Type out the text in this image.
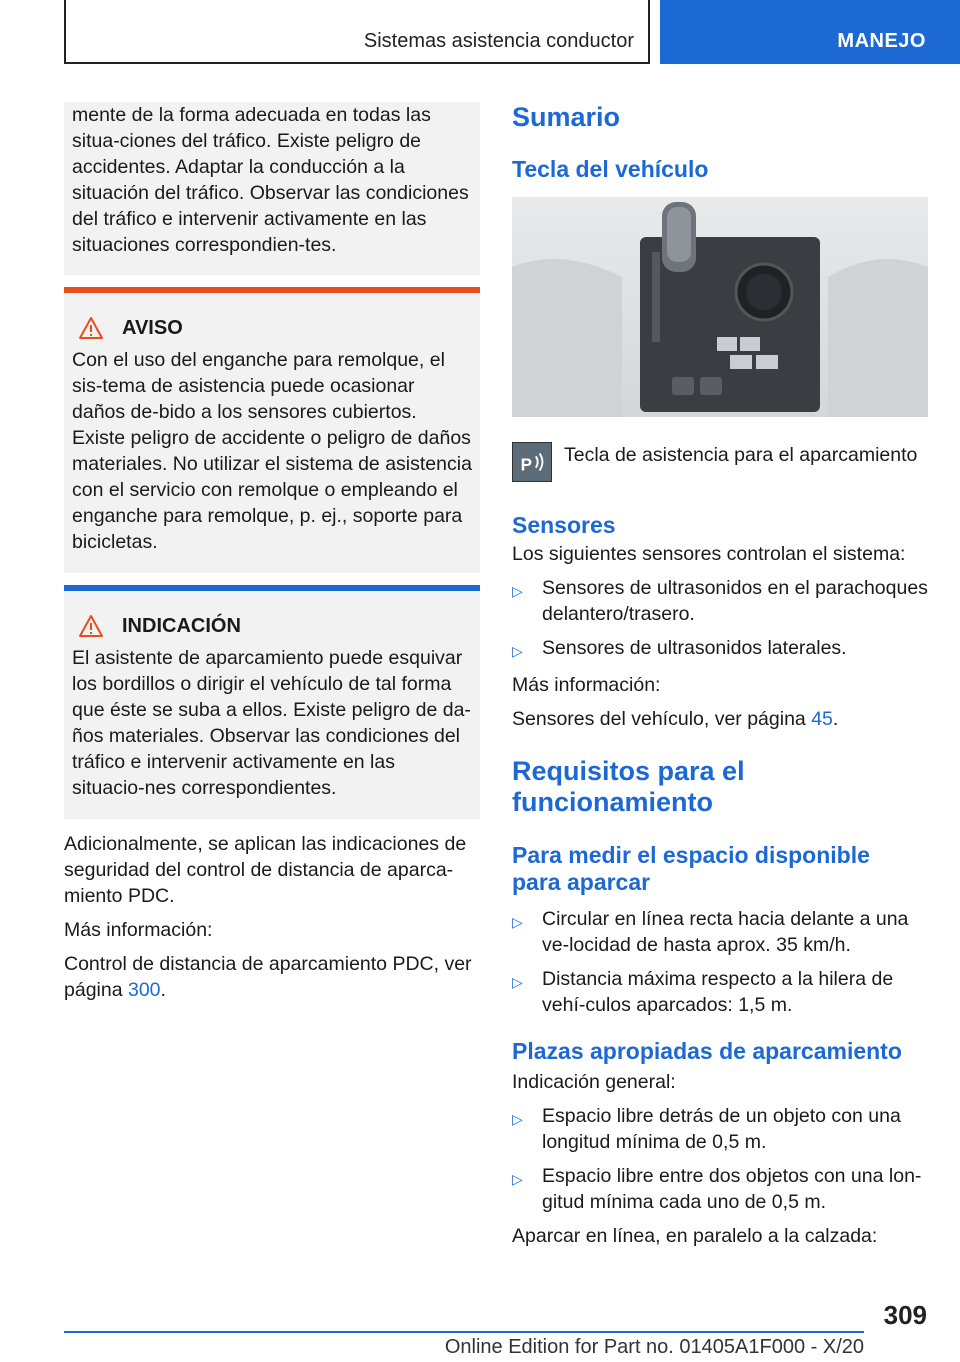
Sistemas asistencia conductor	MANEJO

mente de la forma adecuada en todas las situa-ciones del tráfico. Existe peligro de accidentes. Adaptar la conducción a la situación del tráfico. Observar las condiciones del tráfico e intervenir activamente en las situaciones correspondien-tes.

AVISO

Con el uso del enganche para remolque, el sis-tema de asistencia puede ocasionar daños de-bido a los sensores cubiertos. Existe peligro de accidente o peligro de daños materiales. No utilizar el sistema de asistencia con el servicio con remolque o empleando el enganche para remolque, p. ej., soporte para bicicletas.

INDICACIÓN

El asistente de aparcamiento puede esquivar los bordillos o dirigir el vehículo de tal forma que éste se suba a ellos. Existe peligro de da-ños materiales. Observar las condiciones del tráfico e intervenir activamente en las situacio-nes correspondientes.

Adicionalmente, se aplican las indicaciones de seguridad del control de distancia de aparca-miento PDC.

Más información:

Control de distancia de aparcamiento PDC, ver página 300.

Sumario
Tecla del vehículo
P Tecla de asistencia para el aparcamiento
Sensores

Los siguientes sensores controlan el sistema:

▷ Sensores de ultrasonidos en el parachoques delantero/trasero.
▷ Sensores de ultrasonidos laterales.

Más información:

Sensores del vehículo, ver página 45.

Requisitos para el funcionamiento
Para medir el espacio disponible para aparcar
▷ Circular en línea recta hacia delante a una ve-locidad de hasta aprox. 35 km/h.
▷ Distancia máxima respecto a la hilera de vehí-culos aparcados: 1,5 m.
Plazas apropiadas de aparcamiento

Indicación general:

▷ Espacio libre detrás de un objeto con una longitud mínima de 0,5 m.
▷ Espacio libre entre dos objetos con una lon-gitud mínima cada uno de 0,5 m.

Aparcar en línea, en paralelo a la calzada:

309
Online Edition for Part no. 01405A1F000 - X/20
